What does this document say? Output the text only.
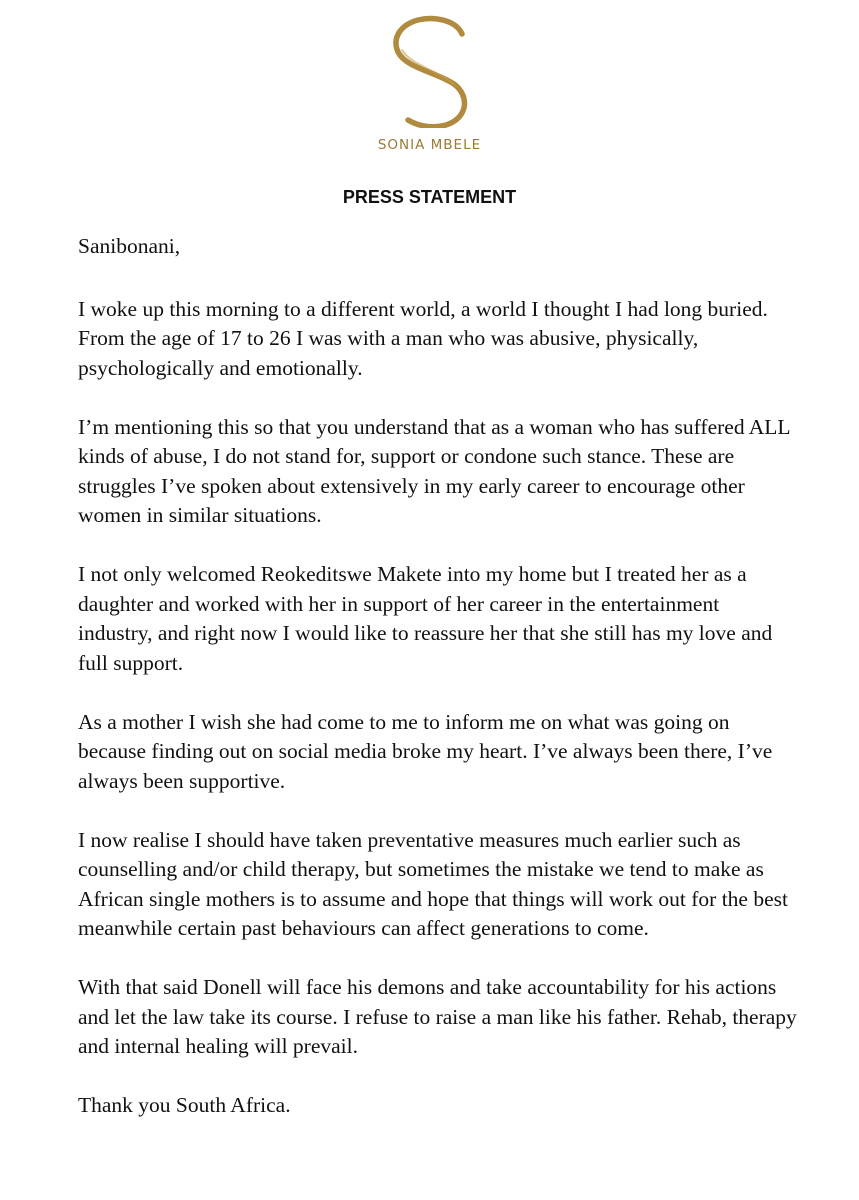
SONIA MBELE
PRESS STATEMENT

Sanibonani,

I woke up this morning to a different world, a world I thought I had long buried. From the age of 17 to 26 I was with a man who was abusive, physically, psychologically and emotionally.

I’m mentioning this so that you understand that as a woman who has suffered ALL kinds of abuse, I do not stand for, support or condone such stance. These are struggles I’ve spoken about extensively in my early career to encourage other women in similar situations.

I not only welcomed Reokeditswe Makete into my home but I treated her as a daughter and worked with her in support of her career in the entertainment industry, and right now I would like to reassure her that she still has my love and full support.

As a mother I wish she had come to me to inform me on what was going on because finding out on social media broke my heart. I’ve always been there, I’ve always been supportive.

I now realise I should have taken preventative measures much earlier such as counselling and/or child therapy, but sometimes the mistake we tend to make as African single mothers is to assume and hope that things will work out for the best meanwhile certain past behaviours can affect generations to come.

With that said Donell will face his demons and take accountability for his actions and let the law take its course. I refuse to raise a man like his father. Rehab, therapy and internal healing will prevail.

Thank you South Africa.
